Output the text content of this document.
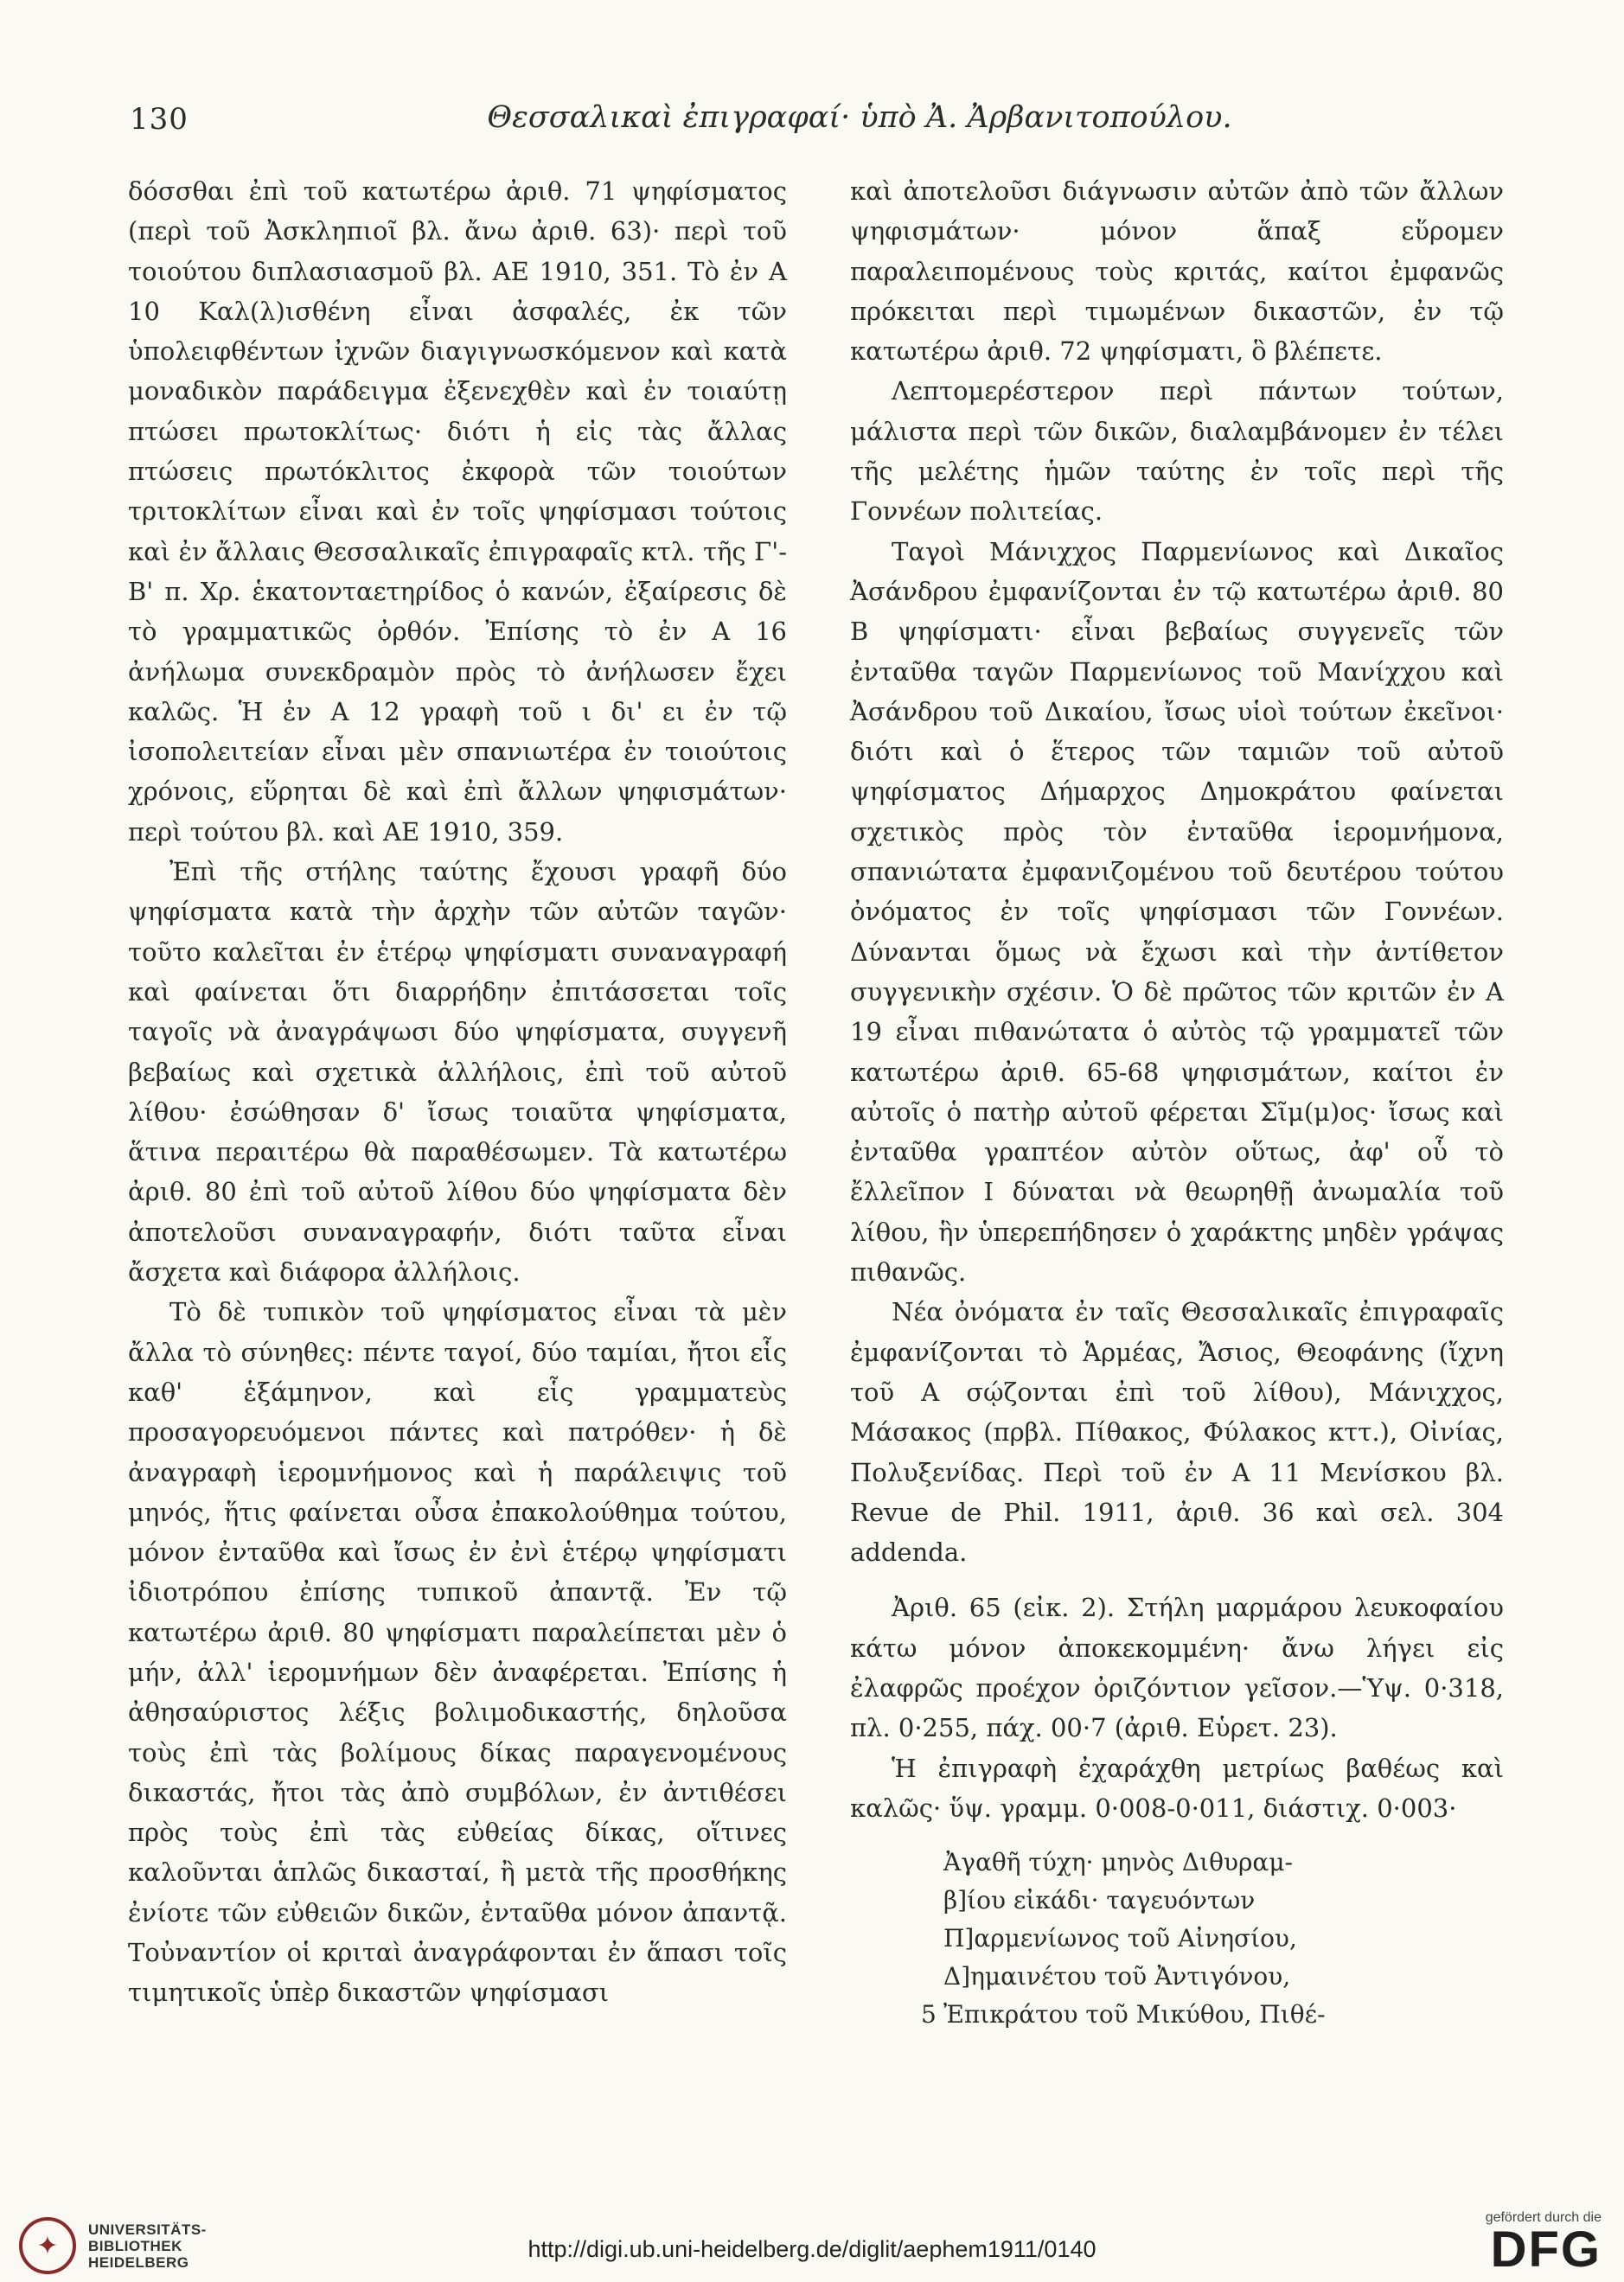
130	Θεσσαλικαὶ ἐπιγραφαί· ὑπὸ Ἀ. Ἀρβανιτοπούλου.

δόσσθαι ἐπὶ τοῦ κατωτέρω ἀριθ. 71 ψηφίσματος (περὶ τοῦ Ἀσκληπιοῖ βλ. ἄνω ἀριθ. 63)· περὶ τοῦ τοιούτου διπλασιασμοῦ βλ. ΑΕ 1910, 351. Τὸ ἐν Α 10 Καλ(λ)ισθένη εἶναι ἀσφαλές, ἐκ τῶν ὑπολειφθέντων ἰχνῶν διαγιγνωσκόμενον καὶ κατὰ μοναδικὸν παράδειγμα ἐξενεχθὲν καὶ ἐν τοιαύτῃ πτώσει πρωτοκλίτως· διότι ἡ εἰς τὰς ἄλλας πτώσεις πρωτόκλιτος ἐκφορὰ τῶν τοιούτων τριτοκλίτων εἶναι καὶ ἐν τοῖς ψηφίσμασι τούτοις καὶ ἐν ἄλλαις Θεσσαλικαῖς ἐπιγραφαῖς κτλ. τῆς Γ'-Β' π. Χρ. ἑκατονταετηρίδος ὁ κανών, ἐξαίρεσις δὲ τὸ γραμματικῶς ὀρθόν. Ἐπίσης τὸ ἐν Α 16 ἀνήλωμα συνεκδραμὸν πρὸς τὸ ἀνήλωσεν ἔχει καλῶς. Ἡ ἐν Α 12 γραφὴ τοῦ ι δι' ει ἐν τῷ ἰσοπολειτείαν εἶναι μὲν σπανιωτέρα ἐν τοιούτοις χρόνοις, εὕρηται δὲ καὶ ἐπὶ ἄλλων ψηφισμάτων· περὶ τούτου βλ. καὶ ΑΕ 1910, 359.

Ἐπὶ τῆς στήλης ταύτης ἔχουσι γραφῆ δύο ψηφίσματα κατὰ τὴν ἀρχὴν τῶν αὐτῶν ταγῶν· τοῦτο καλεῖται ἐν ἑτέρῳ ψηφίσματι συναναγραφή καὶ φαίνεται ὅτι διαρρήδην ἐπιτάσσεται τοῖς ταγοῖς νὰ ἀναγράψωσι δύο ψηφίσματα, συγγενῆ βεβαίως καὶ σχετικὰ ἀλλήλοις, ἐπὶ τοῦ αὐτοῦ λίθου· ἐσώθησαν δ' ἴσως τοιαῦτα ψηφίσματα, ἅτινα περαιτέρω θὰ παραθέσωμεν. Τὰ κατωτέρω ἀριθ. 80 ἐπὶ τοῦ αὐτοῦ λίθου δύο ψηφίσματα δὲν ἀποτελοῦσι συναναγραφήν, διότι ταῦτα εἶναι ἄσχετα καὶ διάφορα ἀλλήλοις.

Τὸ δὲ τυπικὸν τοῦ ψηφίσματος εἶναι τὰ μὲν ἄλλα τὸ σύνηθες: πέντε ταγοί, δύο ταμίαι, ἤτοι εἷς καθ' ἑξάμηνον, καὶ εἷς γραμματεὺς προσαγορευόμενοι πάντες καὶ πατρόθεν· ἡ δὲ ἀναγραφὴ ἱερομνήμονος καὶ ἡ παράλειψις τοῦ μηνός, ἥτις φαίνεται οὖσα ἐπακολούθημα τούτου, μόνον ἐνταῦθα καὶ ἴσως ἐν ἐνὶ ἑτέρῳ ψηφίσματι ἰδιοτρόπου ἐπίσης τυπικοῦ ἀπαντᾷ. Ἐν τῷ κατωτέρω ἀριθ. 80 ψηφίσματι παραλείπεται μὲν ὁ μήν, ἀλλ' ἱερομνήμων δὲν ἀναφέρεται. Ἐπίσης ἡ ἀθησαύριστος λέξις βολιμοδικαστής, δηλοῦσα τοὺς ἐπὶ τὰς βολίμους δίκας παραγενομένους δικαστάς, ἤτοι τὰς ἀπὸ συμβόλων, ἐν ἀντιθέσει πρὸς τοὺς ἐπὶ τὰς εὐθείας δίκας, οἵτινες καλοῦνται ἁπλῶς δικασταί, ἢ μετὰ τῆς προσθήκης ἐνίοτε τῶν εὐθειῶν δικῶν, ἐνταῦθα μόνον ἀπαντᾷ. Τοὐναντίον οἱ κριταὶ ἀναγράφονται ἐν ἅπασι τοῖς τιμητικοῖς ὑπὲρ δικαστῶν ψηφίσμασι

καὶ ἀποτελοῦσι διάγνωσιν αὐτῶν ἀπὸ τῶν ἄλλων ψηφισμάτων· μόνον ἅπαξ εὕρομεν παραλειπομένους τοὺς κριτάς, καίτοι ἐμφανῶς πρόκειται περὶ τιμωμένων δικαστῶν, ἐν τῷ κατωτέρω ἀριθ. 72 ψηφίσματι, ὃ βλέπετε.

Λεπτομερέστερον περὶ πάντων τούτων, μάλιστα περὶ τῶν δικῶν, διαλαμβάνομεν ἐν τέλει τῆς μελέτης ἡμῶν ταύτης ἐν τοῖς περὶ τῆς Γοννέων πολιτείας.

Ταγοὶ Μάνιχχος Παρμενίωνος καὶ Δικαῖος Ἀσάνδρου ἐμφανίζονται ἐν τῷ κατωτέρω ἀριθ. 80 Β ψηφίσματι· εἶναι βεβαίως συγγενεῖς τῶν ἐνταῦθα ταγῶν Παρμενίωνος τοῦ Μανίχχου καὶ Ἀσάνδρου τοῦ Δικαίου, ἴσως υἱοὶ τούτων ἐκεῖνοι· διότι καὶ ὁ ἕτερος τῶν ταμιῶν τοῦ αὐτοῦ ψηφίσματος Δήμαρχος Δημοκράτου φαίνεται σχετικὸς πρὸς τὸν ἐνταῦθα ἱερομνήμονα, σπανιώτατα ἐμφανιζομένου τοῦ δευτέρου τούτου ὀνόματος ἐν τοῖς ψηφίσμασι τῶν Γοννέων. Δύνανται ὅμως νὰ ἔχωσι καὶ τὴν ἀντίθετον συγγενικὴν σχέσιν. Ὁ δὲ πρῶτος τῶν κριτῶν ἐν Α 19 εἶναι πιθανώτατα ὁ αὐτὸς τῷ γραμματεῖ τῶν κατωτέρω ἀριθ. 65-68 ψηφισμάτων, καίτοι ἐν αὐτοῖς ὁ πατὴρ αὐτοῦ φέρεται Σῖμ(μ)ος· ἴσως καὶ ἐνταῦθα γραπτέον αὐτὸν οὕτως, ἀφ' οὗ τὸ ἔλλεῖπον Ι δύναται νὰ θεωρηθῇ ἀνωμαλία τοῦ λίθου, ἣν ὑπερεπήδησεν ὁ χαράκτης μηδὲν γράψας πιθανῶς.

Νέα ὀνόματα ἐν ταῖς Θεσσαλικαῖς ἐπιγραφαῖς ἐμφανίζονται τὸ Ἁρμέας, Ἄσιος, Θεοφάνης (ἴχνη τοῦ Α σῴζονται ἐπὶ τοῦ λίθου), Μάνιχχος, Μάσακος (πρβλ. Πίθακος, Φύλακος κττ.), Οἰνίας, Πολυξενίδας. Περὶ τοῦ ἐν Α 11 Μενίσκου βλ. Revue de Phil. 1911, ἀριθ. 36 καὶ σελ. 304 addenda.

Ἀριθ. 65 (εἰκ. 2). Στήλη μαρμάρου λευκοφαίου κάτω μόνον ἀποκεκομμένη· ἄνω λήγει εἰς ἐλαφρῶς προέχον ὀριζόντιον γεῖσον.—Ὑψ. 0·318, πλ. 0·255, πάχ. 00·7 (ἀριθ. Εὑρετ. 23).

Ἡ ἐπιγραφὴ ἐχαράχθη μετρίως βαθέως καὶ καλῶς· ὕψ. γραμμ. 0·008-0·011, διάστιχ. 0·003·

Ἀγαθῆ τύχη· μηνὸς Διθυραμ-
β]ίου εἰκάδι· ταγευόντων
Π]αρμενίωνος τοῦ Αἰνησίου,
Δ]ημαινέτου τοῦ Ἀντιγόνου,
5 Ἐπικράτου τοῦ Μικύθου, Πιθέ-
✦
UNIVERSITÄTS-
BIBLIOTHEK
HEIDELBERG	http://digi.ub.uni-heidelberg.de/diglit/aephem1911/0140
gefördert durch die
DFG
